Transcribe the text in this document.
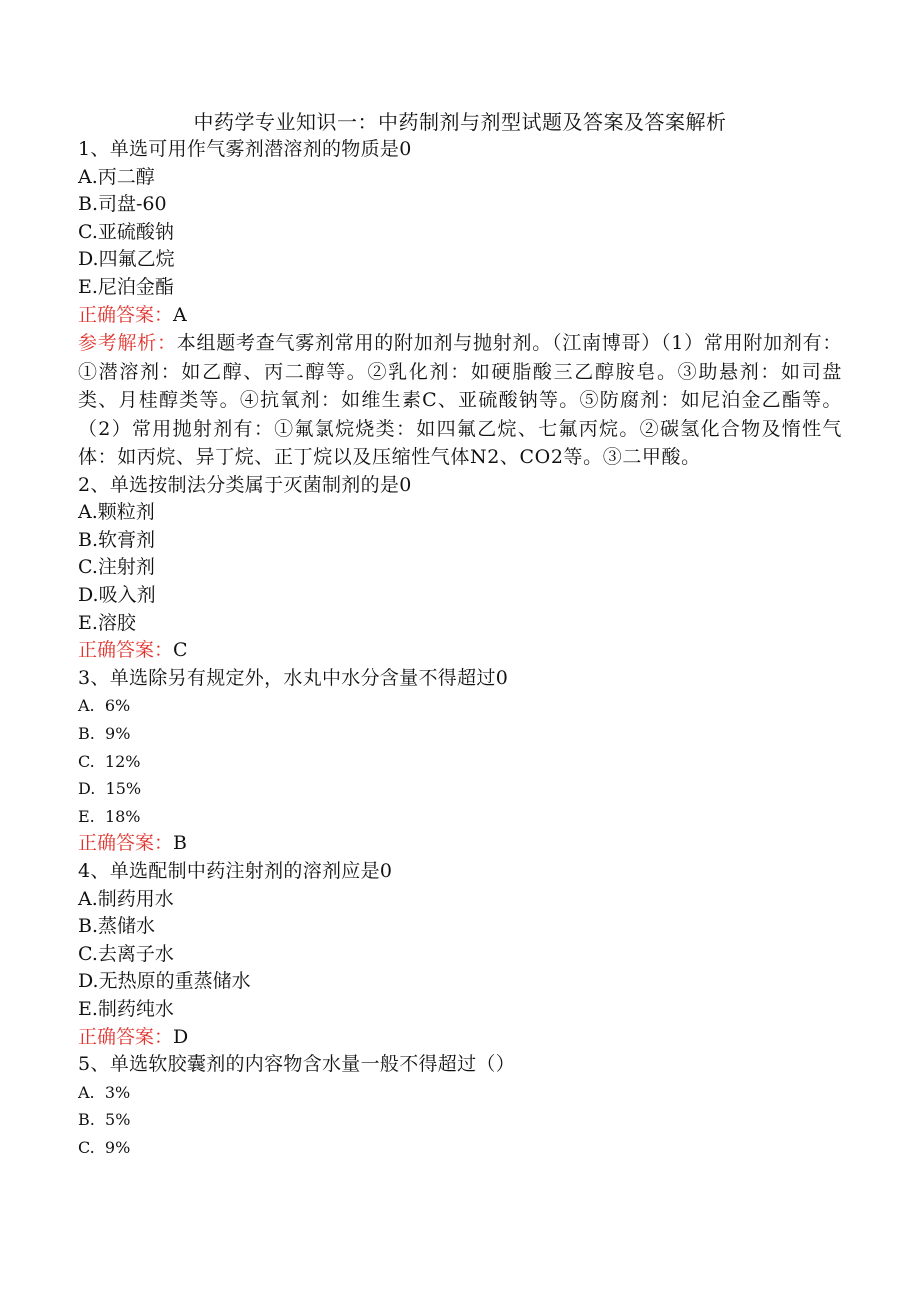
中药学专业知识一：中药制剂与剂型试题及答案及答案解析
1、单选可用作气雾剂潜溶剂的物质是0
A.丙二醇
B.司盘-60
C.亚硫酸钠
D.四氟乙烷
E.尼泊金酯
正确答案：A
参考解析：本组题考查气雾剂常用的附加剂与抛射剂。（江南博哥）（1）常用附加剂有：①潜溶剂：如乙醇、丙二醇等。②乳化剂：如硬脂酸三乙醇胺皂。③助悬剂：如司盘类、月桂醇类等。④抗氧剂：如维生素C、亚硫酸钠等。⑤防腐剂：如尼泊金乙酯等。（2）常用抛射剂有：①氟氯烷烧类：如四氟乙烷、七氟丙烷。②碳氢化合物及惰性气体：如丙烷、异丁烷、正丁烷以及压缩性气体N2、CO2等。③二甲酸。
2、单选按制法分类属于灭菌制剂的是0
A.颗粒剂
B.软膏剂
C.注射剂
D.吸入剂
E.溶胶
正确答案：C
3、单选除另有规定外，水丸中水分含量不得超过0
A.  6%
B.  9%
C.  12%
D.  15%
E.  18%
正确答案：B
4、单选配制中药注射剂的溶剂应是0
A.制药用水
B.蒸储水
C.去离子水
D.无热原的重蒸储水
E.制药纯水
正确答案：D
5、单选软胶囊剂的内容物含水量一般不得超过（）
A.  3%
B.  5%
C.  9%
